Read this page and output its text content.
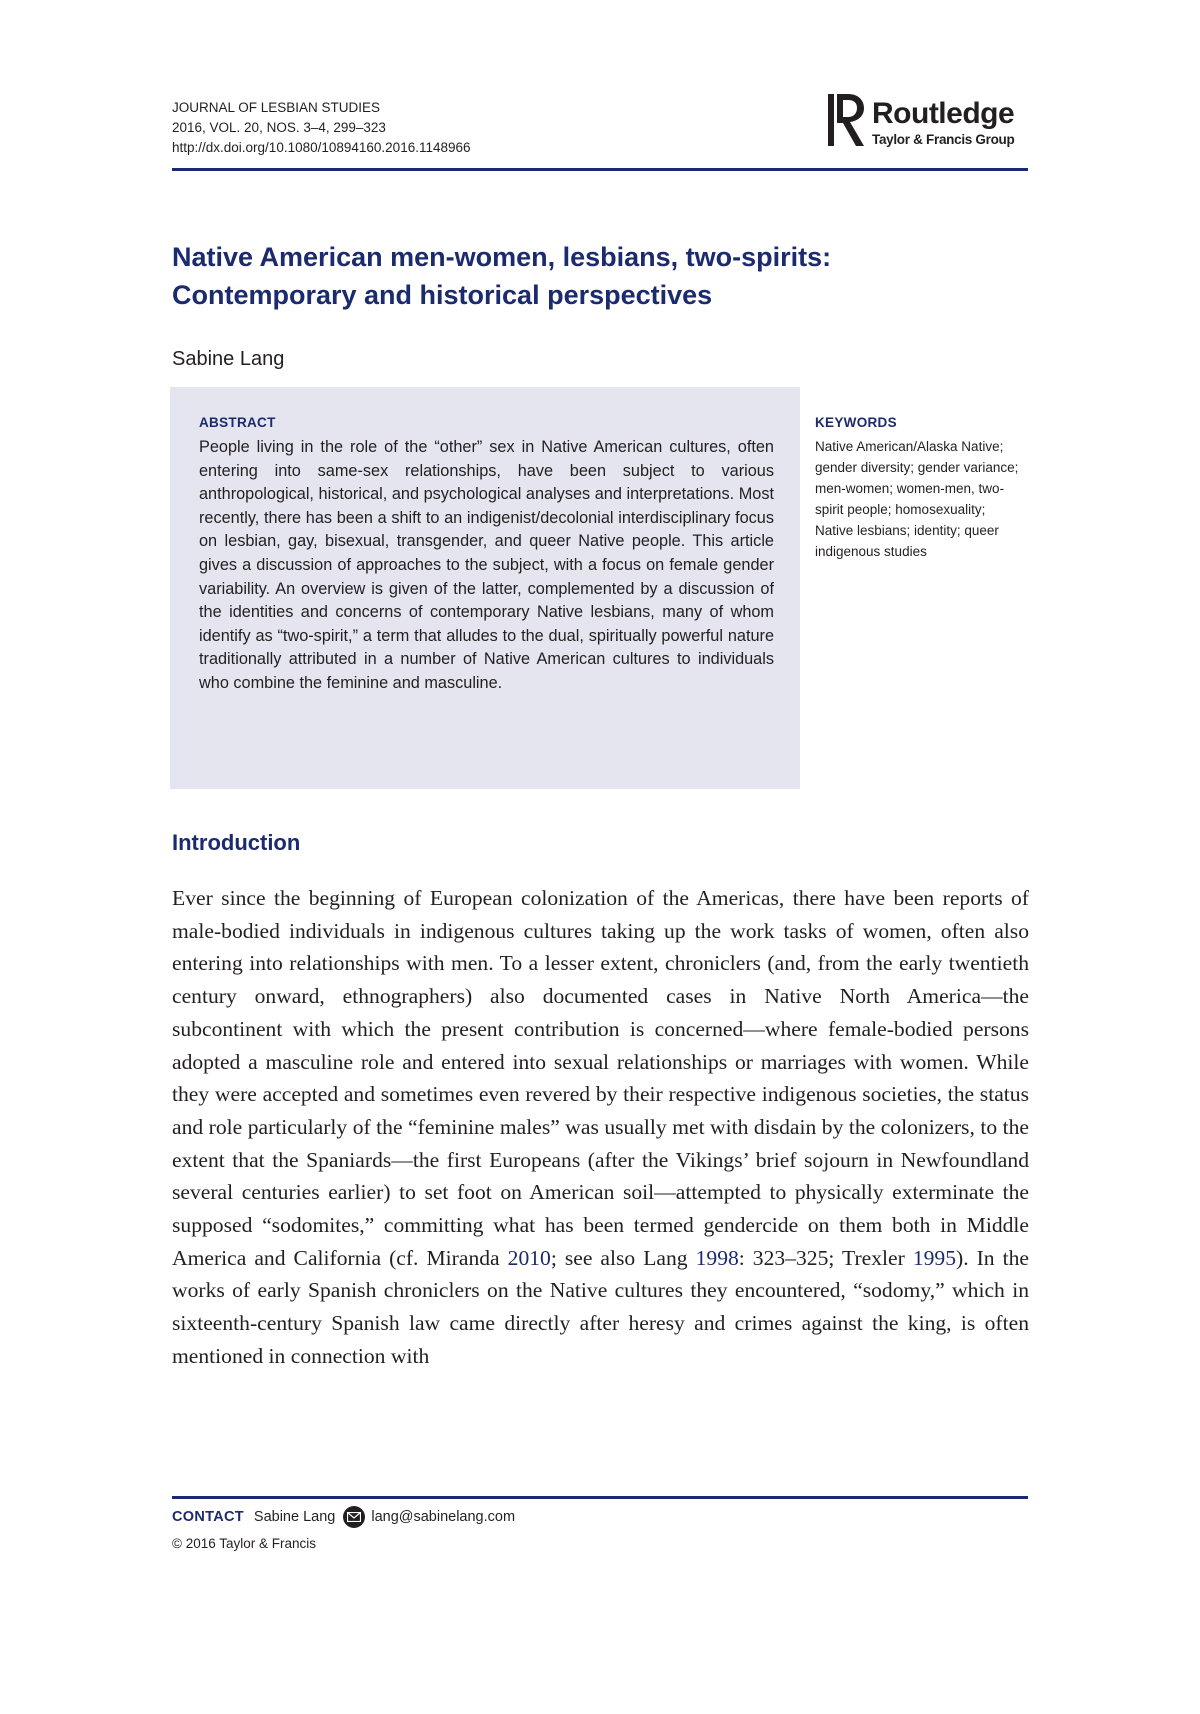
JOURNAL OF LESBIAN STUDIES
2016, VOL. 20, NOS. 3–4, 299–323
http://dx.doi.org/10.1080/10894160.2016.1148966
Routledge
Taylor & Francis Group
Native American men-women, lesbians, two-spirits:
Contemporary and historical perspectives
Sabine Lang
ABSTRACT
People living in the role of the “other” sex in Native American cultures, often entering into same-sex relationships, have been subject to various anthropological, historical, and psychological analyses and interpretations. Most recently, there has been a shift to an indigenist/decolonial interdisciplinary focus on lesbian, gay, bisexual, transgender, and queer Native people. This article gives a discussion of approaches to the subject, with a focus on female gender variability. An overview is given of the latter, complemented by a discussion of the identities and concerns of contemporary Native lesbians, many of whom identify as “two-spirit,” a term that alludes to the dual, spiritually powerful nature traditionally attributed in a number of Native American cultures to individuals who combine the feminine and masculine.
KEYWORDS
Native American/Alaska Native; gender diversity; gender variance; men-women; women-men, two-spirit people; homosexuality; Native lesbians; identity; queer indigenous studies
Introduction
Ever since the beginning of European colonization of the Americas, there have been reports of male-bodied individuals in indigenous cultures taking up the work tasks of women, often also entering into relationships with men. To a lesser extent, chroniclers (and, from the early twentieth century onward, ethnographers) also documented cases in Native North America—the subcontinent with which the present contribution is concerned—where female-bodied persons adopted a masculine role and entered into sexual relationships or marriages with women. While they were accepted and sometimes even revered by their respective indigenous societies, the status and role particularly of the “feminine males” was usually met with disdain by the colonizers, to the extent that the Spaniards—the first Europeans (after the Vikings’ brief sojourn in Newfoundland several centuries earlier) to set foot on American soil—attempted to physically exterminate the supposed “sodomites,” committing what has been termed gendercide on them both in Middle America and California (cf. Miranda 2010; see also Lang 1998: 323–325; Trexler 1995). In the works of early Spanish chroniclers on the Native cultures they encountered, “sodomy,” which in sixteenth-century Spanish law came directly after heresy and crimes against the king, is often mentioned in connection with
CONTACT Sabine Lang lang@sabinelang.com
© 2016 Taylor & Francis
